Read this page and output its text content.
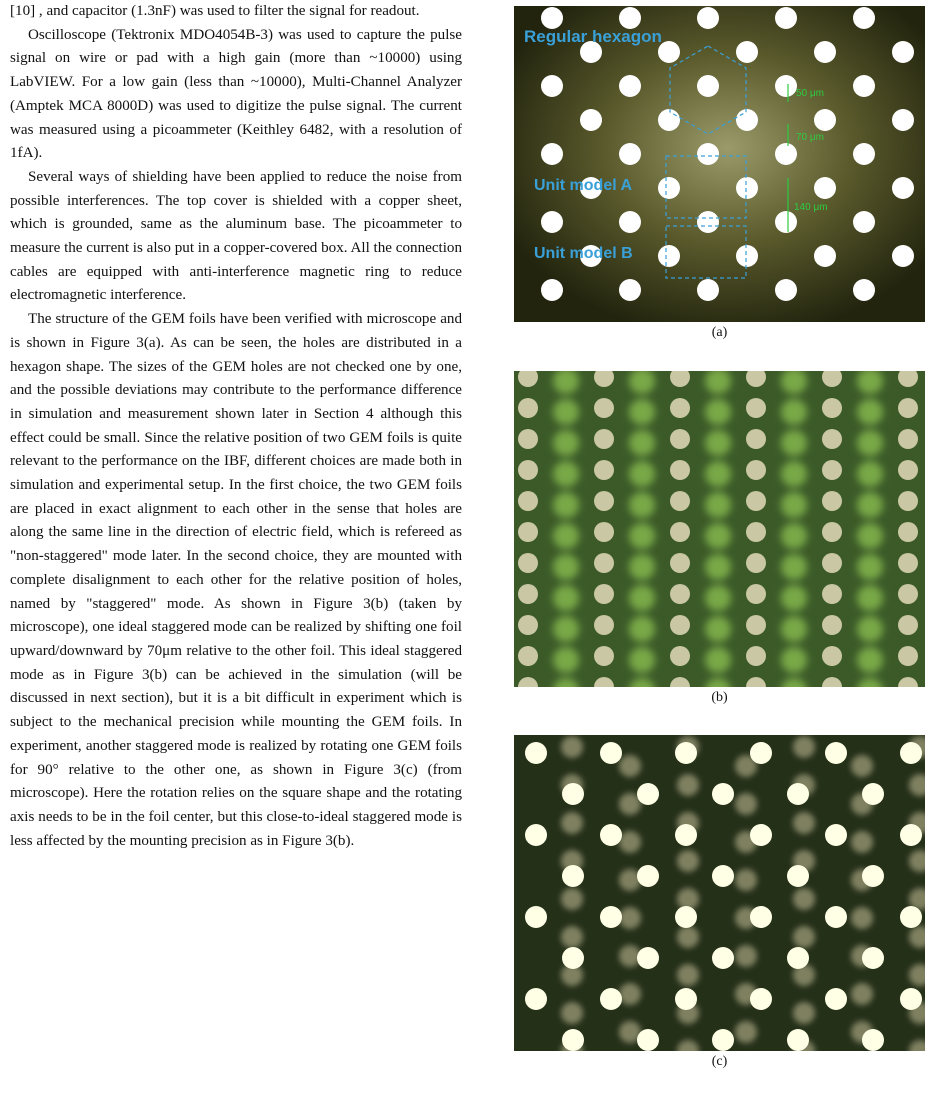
[10] , and capacitor (1.3nF) was used to filter the signal for readout.

Oscilloscope (Tektronix MDO4054B-3) was used to capture the pulse signal on wire or pad with a high gain (more than ~10000) using LabVIEW. For a low gain (less than ~10000), Multi-Channel Analyzer (Amptek MCA 8000D) was used to digitize the pulse signal. The current was measured using a picoammeter (Keithley 6482, with a resolution of 1fA).

Several ways of shielding have been applied to reduce the noise from possible interferences. The top cover is shielded with a copper sheet, which is grounded, same as the aluminum base. The picoammeter to measure the current is also put in a copper-covered box. All the connection cables are equipped with anti-interference magnetic ring to reduce electromagnetic interference.

The structure of the GEM foils have been verified with microscope and is shown in Figure 3(a). As can be seen, the holes are distributed in a hexagon shape. The sizes of the GEM holes are not checked one by one, and the possible deviations may contribute to the performance difference in simulation and measurement shown later in Section 4 although this effect could be small. Since the relative position of two GEM foils is quite relevant to the performance on the IBF, different choices are made both in simulation and experimental setup. In the first choice, the two GEM foils are placed in exact alignment to each other in the sense that holes are along the same line in the direction of electric field, which is refereed as "non-staggered" mode later. In the second choice, they are mounted with complete disalignment to each other for the relative position of holes, named by "staggered" mode. As shown in Figure 3(b) (taken by microscope), one ideal staggered mode can be realized by shifting one foil upward/downward by 70μm relative to the other foil. This ideal staggered mode as in Figure 3(b) can be achieved in the simulation (will be discussed in next section), but it is a bit difficult in experiment which is subject to the mechanical precision while mounting the GEM foils. In experiment, another staggered mode is realized by rotating one GEM foils for 90° relative to the other one, as shown in Figure 3(c) (from microscope). Here the rotation relies on the square shape and the rotating axis needs to be in the foil center, but this close-to-ideal staggered mode is less affected by the mounting precision as in Figure 3(b).

Regular hexagon
Unit model A
Unit model B
50 μm
70 μm
140 μm
(a)
(b)
(c)
